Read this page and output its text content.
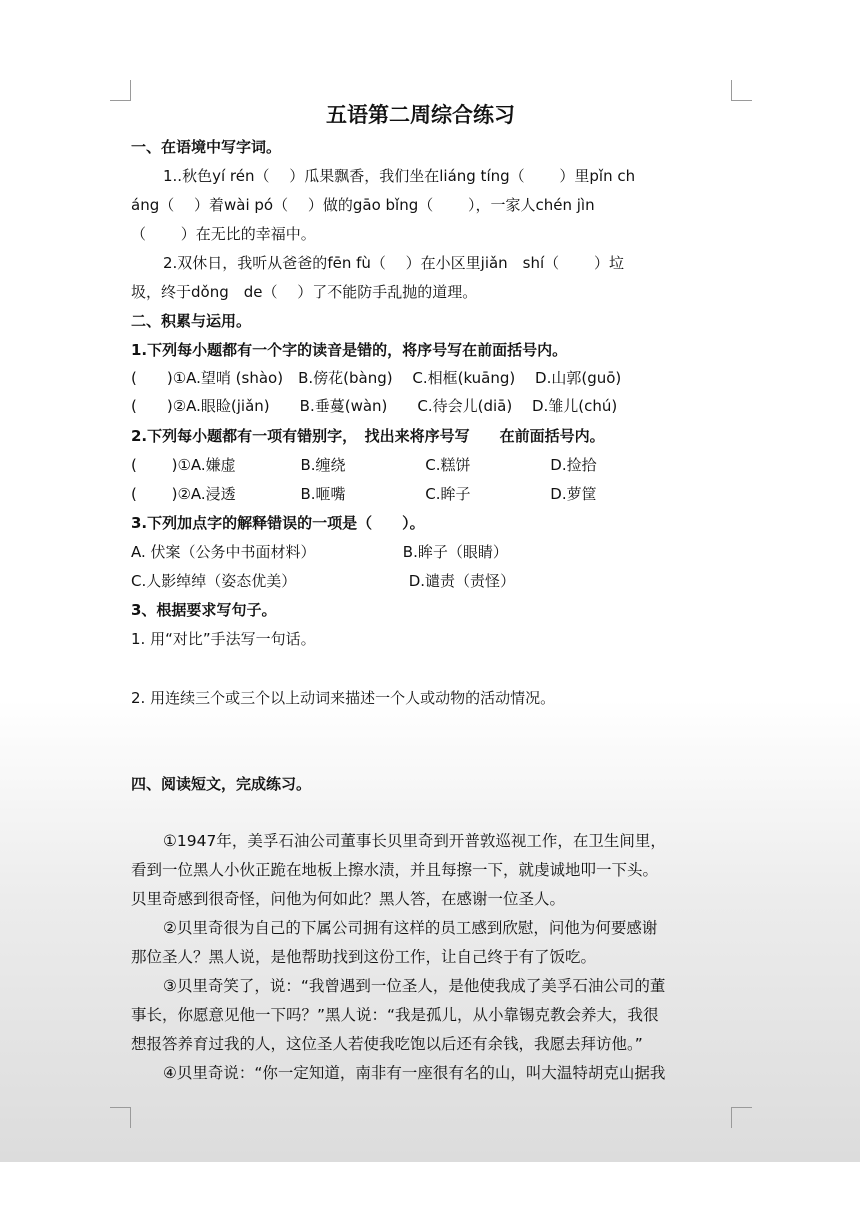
五语第二周综合练习
一、在语境中写字词。
1..秋色yí rén（　 ）瓜果飘香，我们坐在liáng tíng（　　 ）里pǐn ch
áng（　 ）着wài pó（　 ）做的gāo bǐng（　　 ），一家人chén jìn
（　　 ）在无比的幸福中。
2.双休日，我听从爸爸的fēn fù（　 ）在小区里jiǎn　shí（　　 ）垃
圾，终于dǒng　de（　 ）了不能防手乱抛的道理。
二、积累与运用。
1.下列每小题都有一个字的读音是错的，将序号写在前面括号内。
(　　)①A.望哨 (shào)　B.傍花(bàng)　 C.相框(kuāng)　 D.山郭(guō)
(　　)②A.眼睑(jiǎn)　　B.垂蔓(wàn)　　C.待会儿(diā)　 D.雏儿(chú)
2.下列每小题都有一项有错别字，　找出来将序号写　　在前面括号内。
(　　 )①A.嫌虚　　　　 B.缠绕　　　　　 C.糕饼　　　　　 D.捡拾
(　　 )②A.浸透　　　　 B.咂嘴　　　　　 C.眸子　　　　　 D.萝筐
3.下列加点字的解释错误的一项是（　　）。
A. 伏案（公务中书面材料）　　　　　　 B.眸子（眼睛）
C.人影绰绰（姿态优美）　　　　　　　　D.谴责（责怪）
3、根据要求写句子。
1. 用“对比”手法写一句话。
2. 用连续三个或三个以上动词来描述一个人或动物的活动情况。
四、阅读短文，完成练习。
①1947年，美孚石油公司董事长贝里奇到开普敦巡视工作，在卫生间里，
看到一位黑人小伙正跪在地板上擦水渍，并且每擦一下，就虔诚地叩一下头。
贝里奇感到很奇怪，问他为何如此？黑人答，在感谢一位圣人。
②贝里奇很为自己的下属公司拥有这样的员工感到欣慰，问他为何要感谢
那位圣人？黑人说，是他帮助找到这份工作，让自己终于有了饭吃。
③贝里奇笑了，说：“我曾遇到一位圣人，是他使我成了美孚石油公司的董
事长，你愿意见他一下吗？”黑人说：“我是孤儿，从小靠锡克教会养大，我很
想报答养育过我的人，这位圣人若使我吃饱以后还有余钱，我愿去拜访他。”
④贝里奇说：“你一定知道，南非有一座很有名的山，叫大温特胡克山据我
